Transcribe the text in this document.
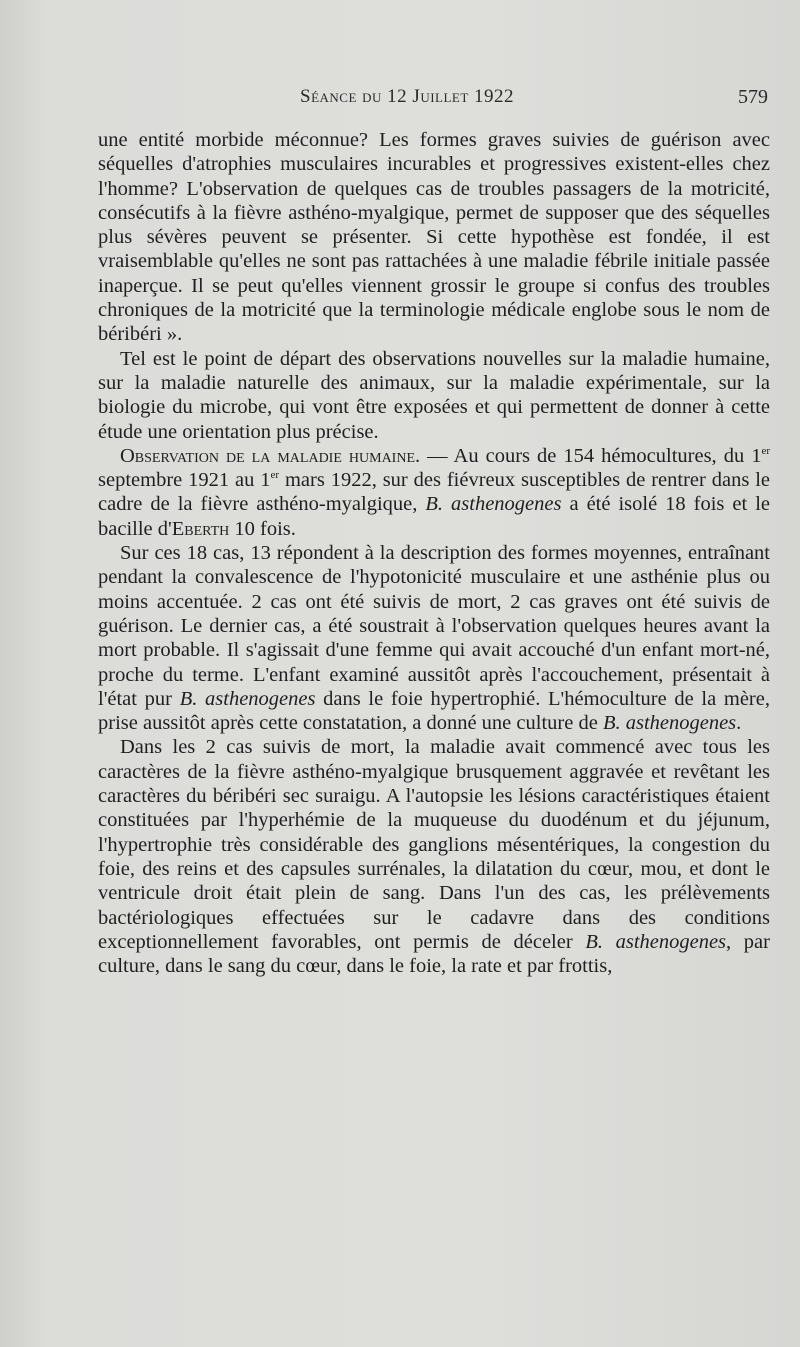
Séance du 12 Juillet 1922	579

une entité morbide méconnue? Les formes graves suivies de guérison avec séquelles d'atrophies musculaires incurables et progressives existent-elles chez l'homme? L'observation de quelques cas de troubles passagers de la motricité, consécutifs à la fièvre asthéno-myalgique, permet de supposer que des séquelles plus sévères peuvent se présenter. Si cette hypothèse est fondée, il est vraisemblable qu'elles ne sont pas rattachées à une maladie fébrile initiale passée inaperçue. Il se peut qu'elles viennent grossir le groupe si confus des troubles chroniques de la motricité que la terminologie médicale englobe sous le nom de béribéri ».

Tel est le point de départ des observations nouvelles sur la maladie humaine, sur la maladie naturelle des animaux, sur la maladie expérimentale, sur la biologie du microbe, qui vont être exposées et qui permettent de donner à cette étude une orientation plus précise.

Observation de la maladie humaine. — Au cours de 154 hémocultures, du 1er septembre 1921 au 1er mars 1922, sur des fiévreux susceptibles de rentrer dans le cadre de la fièvre asthéno-myalgique, B. asthenogenes a été isolé 18 fois et le bacille d'Eberth 10 fois.

Sur ces 18 cas, 13 répondent à la description des formes moyennes, entraînant pendant la convalescence de l'hypotonicité musculaire et une asthénie plus ou moins accentuée. 2 cas ont été suivis de mort, 2 cas graves ont été suivis de guérison. Le dernier cas, a été soustrait à l'observation quelques heures avant la mort probable. Il s'agissait d'une femme qui avait accouché d'un enfant mort-né, proche du terme. L'enfant examiné aussitôt après l'accouchement, présentait à l'état pur B. asthenogenes dans le foie hypertrophié. L'hémoculture de la mère, prise aussitôt après cette constatation, a donné une culture de B. asthenogenes.

Dans les 2 cas suivis de mort, la maladie avait commencé avec tous les caractères de la fièvre asthéno-myalgique brusquement aggravée et revêtant les caractères du béribéri sec suraigu. A l'autopsie les lésions caractéristiques étaient constituées par l'hyperhémie de la muqueuse du duodénum et du jéjunum, l'hypertrophie très considérable des ganglions mésentériques, la congestion du foie, des reins et des capsules surrénales, la dilatation du cœur, mou, et dont le ventricule droit était plein de sang. Dans l'un des cas, les prélèvements bactériologiques effectuées sur le cadavre dans des conditions exceptionnellement favorables, ont permis de déceler B. asthenogenes, par culture, dans le sang du cœur, dans le foie, la rate et par frottis,
